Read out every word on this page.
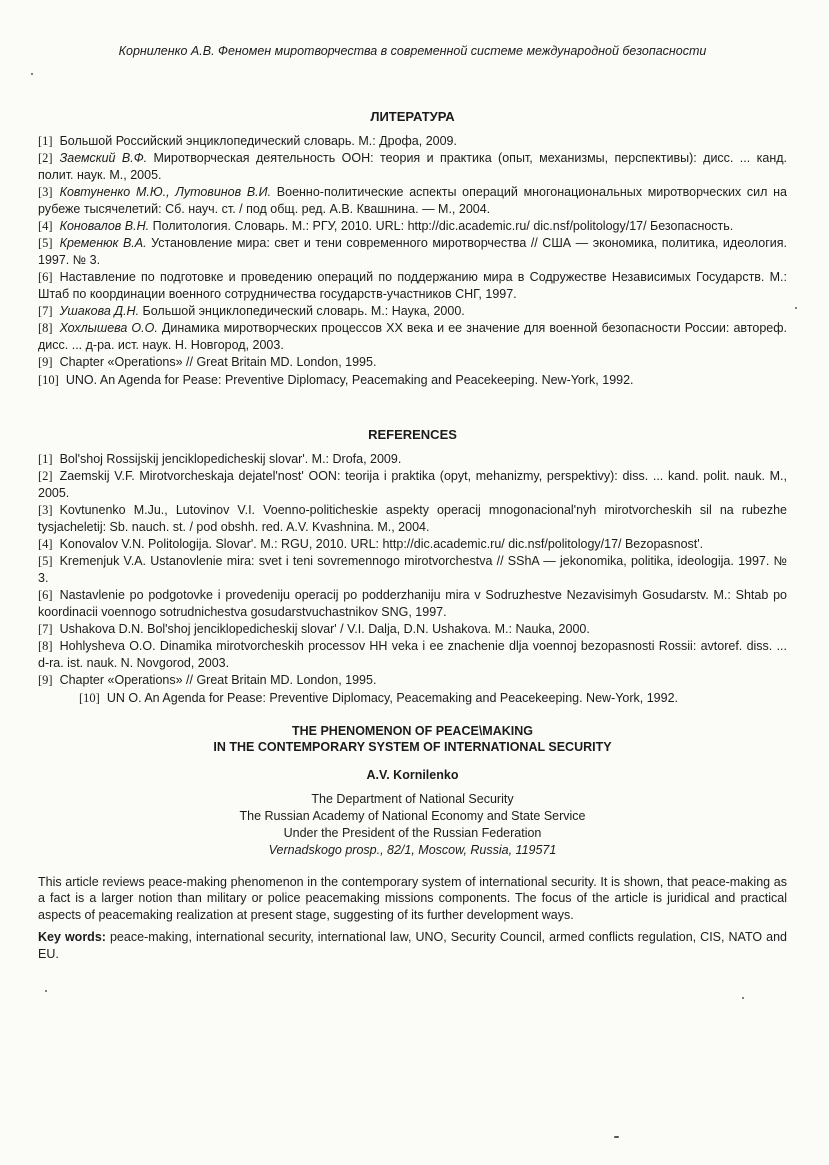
Корниленко А.В. Феномен миротворчества в современной системе международной безопасности
ЛИТЕРАТУРА
[1] Большой Российский энциклопедический словарь. М.: Дрофа, 2009.
[2] Заемский В.Ф. Миротворческая деятельность ООН: теория и практика (опыт, механизмы, перспективы): дисс. ... канд. полит. наук. М., 2005.
[3] Ковтуненко М.Ю., Лутовинов В.И. Военно-политические аспекты операций многонациональных миротворческих сил на рубеже тысячелетий: Сб. науч. ст. / под общ. ред. А.В. Квашнина. — М., 2004.
[4] Коновалов В.Н. Политология. Словарь. М.: РГУ, 2010. URL: http://dic.academic.ru/ dic.nsf/politology/17/ Безопасность.
[5] Кременюк В.А. Установление мира: свет и тени современного миротворчества // США — экономика, политика, идеология. 1997. № 3.
[6] Наставление по подготовке и проведению операций по поддержанию мира в Содружестве Независимых Государств. М.: Штаб по координации военного сотрудничества государств-участников СНГ, 1997.
[7] Ушакова Д.Н. Большой энциклопедический словарь. М.: Наука, 2000.
[8] Хохлышева О.О. Динамика миротворческих процессов XX века и ее значение для военной безопасности России: автореф. дисс. ... д-ра. ист. наук. Н. Новгород, 2003.
[9] Chapter «Operations» // Great Britain MD. London, 1995.
[10] UNO. An Agenda for Pease: Preventive Diplomacy, Peacemaking and Peacekeeping. New-York, 1992.
REFERENCES
[1] Bol'shoj Rossijskij jenciklopedicheskij slovar'. M.: Drofa, 2009.
[2] Zaemskij V.F. Mirotvorcheskaja dejatel'nost' OON: teorija i praktika (opyt, mehanizmy, perspektivy): diss. ... kand. polit. nauk. M., 2005.
[3] Kovtunenko M.Ju., Lutovinov V.I. Voenno-politicheskie aspekty operacij mnogonacional'nyh mirotvorcheskih sil na rubezhe tysjacheletij: Sb. nauch. st. / pod obshh. red. A.V. Kvashnina. M., 2004.
[4] Konovalov V.N. Politologija. Slovar'. M.: RGU, 2010. URL: http://dic.academic.ru/ dic.nsf/politology/17/ Bezopasnost'.
[5] Kremenjuk V.A. Ustanovlenie mira: svet i teni sovremennogo mirotvorchestva // SShA — jekonomika, politika, ideologija. 1997. № 3.
[6] Nastavlenie po podgotovke i provedeniju operacij po podderzhaniju mira v Sodruzhestve Nezavisimyh Gosudarstv. M.: Shtab po koordinacii voennogo sotrudnichestva gosudarstvuchastnikov SNG, 1997.
[7] Ushakova D.N. Bol'shoj jenciklopedicheskij slovar' / V.I. Dalja, D.N. Ushakova. M.: Nauka, 2000.
[8] Hohlysheva O.O. Dinamika mirotvorcheskih processov HH veka i ee znachenie dlja voennoj bezopasnosti Rossii: avtoref. diss. ... d-ra. ist. nauk. N. Novgorod, 2003.
[9] Chapter «Operations» // Great Britain MD. London, 1995.
[10] UN O. An Agenda for Pease: Preventive Diplomacy, Peacemaking and Peacekeeping. New-York, 1992.
THE PHENOMENON OF PEACE\MAKING
IN THE CONTEMPORARY SYSTEM OF INTERNATIONAL SECURITY
A.V. Kornilenko
The Department of National Security
The Russian Academy of National Economy and State Service
Under the President of the Russian Federation
Vernadskogo prosp., 82/1, Moscow, Russia, 119571
This article reviews peace-making phenomenon in the contemporary system of international security. It is shown, that peace-making as a fact is a larger notion than military or police peacemaking missions components. The focus of the article is juridical and practical aspects of peacemaking realization at present stage, suggesting of its further development ways.
Key words: peace-making, international security, international law, UNO, Security Council, armed conflicts regulation, CIS, NATO and EU.
